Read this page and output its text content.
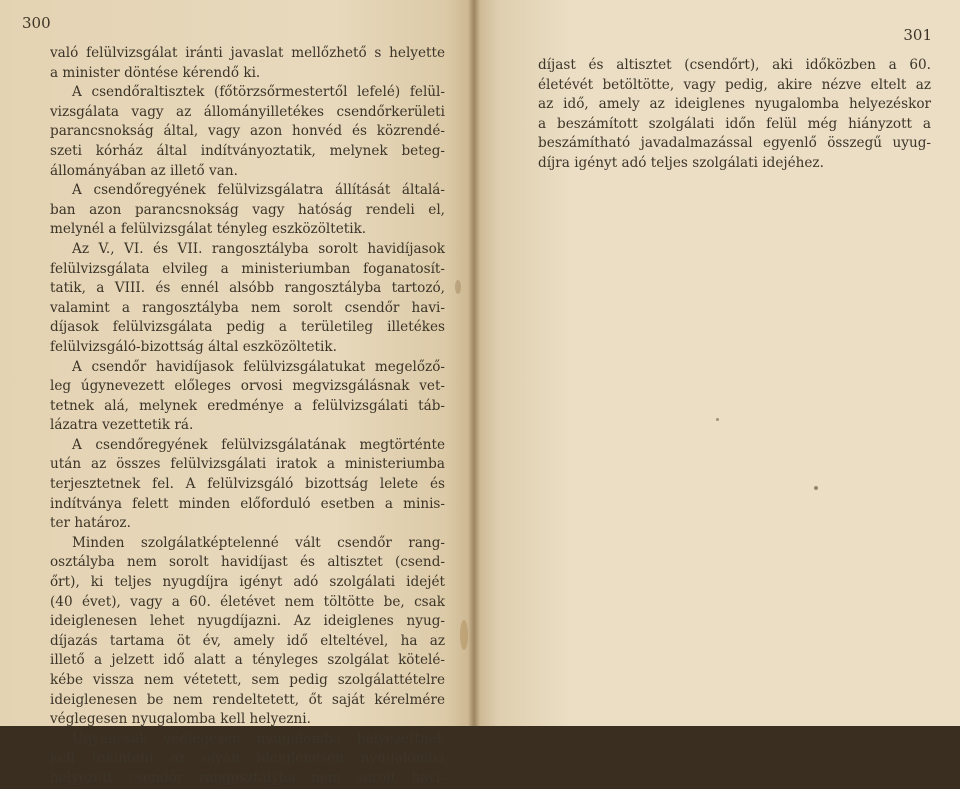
300
való felülvizsgálat iránti javaslat mellőzhető s helyette
a minister döntése kérendő ki.
A csendőraltisztek (főtörzsőrmestertől lefelé) felül-
vizsgálata vagy az állományilletékes csendőrkerületi
parancsnokság által, vagy azon honvéd és közrendé-
szeti kórház által indítványoztatik, melynek beteg-
állományában az illető van.
A csendőregyének felülvizsgálatra állítását általá-
ban azon parancsnokság vagy hatóság rendeli el,
melynél a felülvizsgálat tényleg eszközöltetik.
Az V., VI. és VII. rangosztályba sorolt havidíjasok
felülvizsgálata elvileg a ministeriumban foganatosít-
tatik, a VIII. és ennél alsóbb rangosztályba tartozó,
valamint a rangosztályba nem sorolt csendőr havi-
díjasok felülvizsgálata pedig a területileg illetékes
felülvizsgáló-bizottság által eszközöltetik.
A csendőr havidíjasok felülvizsgálatukat megelőző-
leg úgynevezett előleges orvosi megvizsgálásnak vet-
tetnek alá, melynek eredménye a felülvizsgálati táb-
lázatra vezettetik rá.
A csendőregyének felülvizsgálatának megtörténte
után az összes felülvizsgálati iratok a ministeriumba
terjesztetnek fel. A felülvizsgáló bizottság lelete és
indítványa felett minden előforduló esetben a minis-
ter határoz.
Minden szolgálatképtelenné vált csendőr rang-
osztályba nem sorolt havidíjast és altisztet (csend-
őrt), ki teljes nyugdíjra igényt adó szolgálati idejét
(40 évet), vagy a 60. életévet nem töltötte be, csak
ideiglenesen lehet nyugdíjazni. Az ideiglenes nyug-
díjazás tartama öt év, amely idő elteltével, ha az
illető a jelzett idő alatt a tényleges szolgálat kötelé-
kébe vissza nem vétetett, sem pedig szolgálattételre
ideiglenesen be nem rendeltetett, őt saját kérelmére
véglegesen nyugalomba kell helyezni.
Ugyancsak véglegesen nyugalomba helyezettnek
kell tekinteni az olyan ideiglenesen nyugalomba
helyezett csendőr rangosztályba nem sorolt havi-
301
díjast és altisztet (csendőrt), aki időközben a 60.
életévét betöltötte, vagy pedig, akire nézve eltelt az
az idő, amely az ideiglenes nyugalomba helyezéskor
a beszámított szolgálati időn felül még hiányzott a
beszámítható javadalmazással egyenlő összegű uyug-
díjra igényt adó teljes szolgálati idejéhez.
